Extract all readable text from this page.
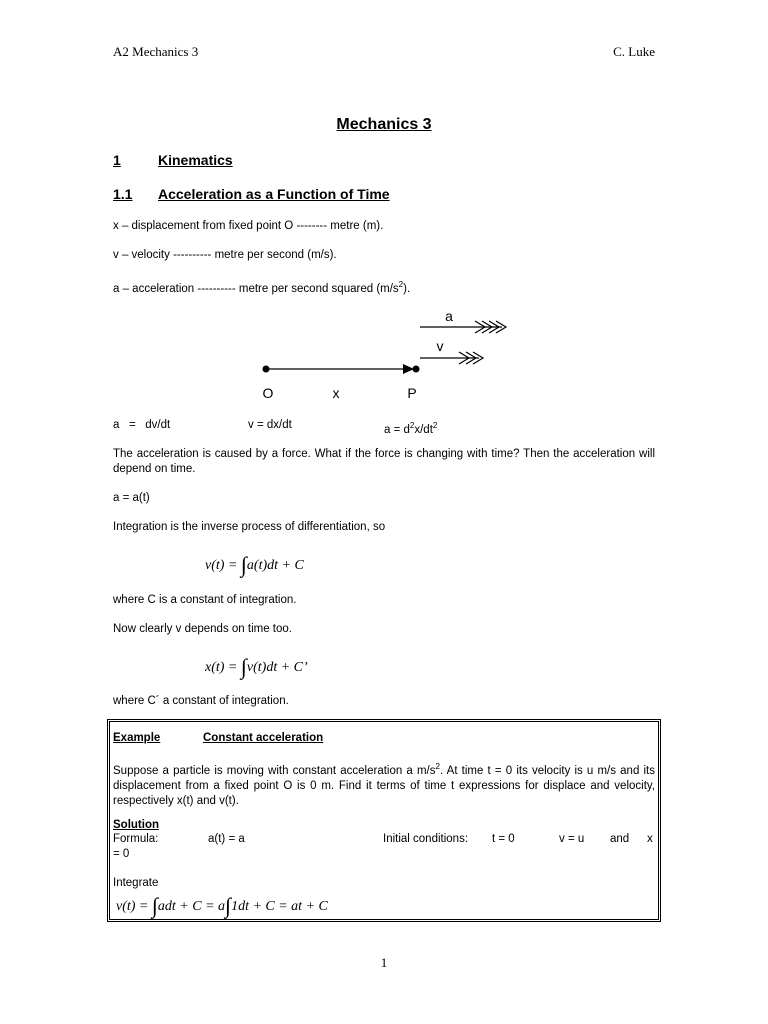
A2 Mechanics 3	C. Luke
Mechanics 3
1	Kinematics
1.1 Acceleration as a Function of Time
x – displacement from fixed point O -------- metre (m).
v – velocity ---------- metre per second (m/s).
a – acceleration ---------- metre per second squared $(m/s^2)$.
a
v
O	x	P
a   =   dv/dt	v = dx/dt	$a = d^2x/dt^2$
The acceleration is caused by a force. What if the force is changing with time? Then the acceleration will depend on time.
a = a(t)
Integration is the inverse process of differentiation, so
v(t) = ∫a(t)dt + C
where C is a constant of integration.
Now clearly v depends on time too.
x(t) = ∫v(t)dt + C’
where C´ a constant of integration.
Example	Constant acceleration
Suppose a particle is moving with constant acceleration a $m/s^2$. At time t = 0 its velocity is u m/s and its displacement from a fixed point O is 0 m. Find it terms of time t expressions for displace and velocity, respectively x(t) and v(t).
Solution
Formula:	a(t) = a	Initial conditions: t = 0	v = u and x
= 0
Integrate
v(t) = ∫adt + C = a∫1dt + C = at + C
1
